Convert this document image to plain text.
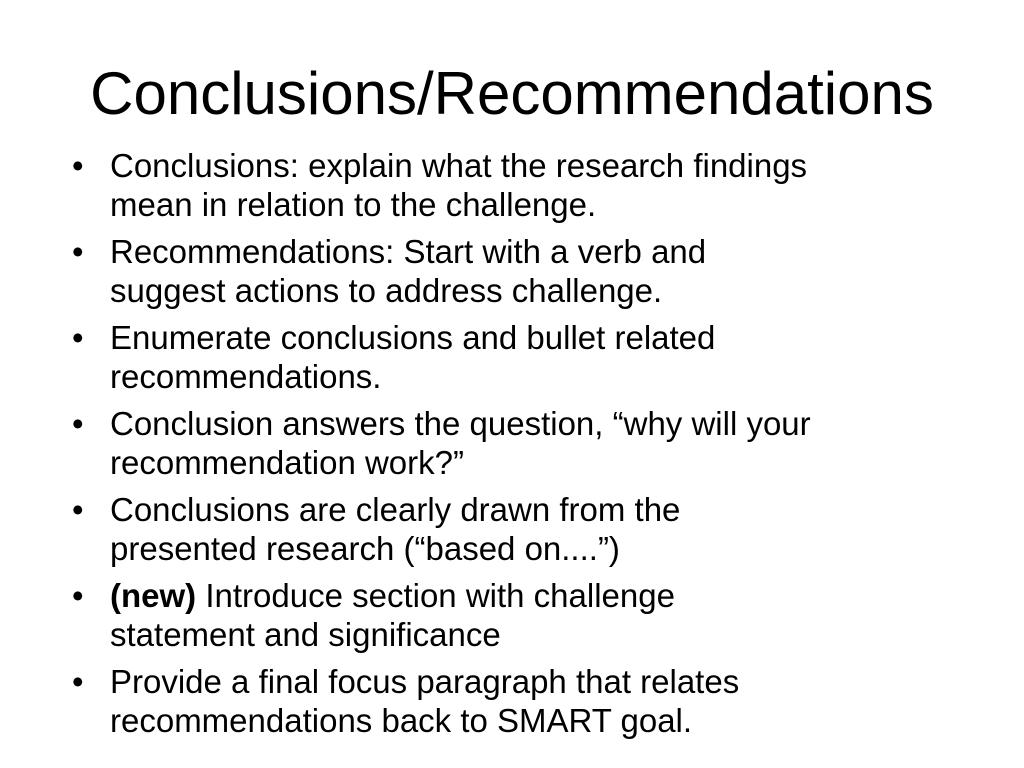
Conclusions/Recommendations
• Conclusions: explain what the research findings
mean in relation to the challenge.
• Recommendations: Start with a verb and
suggest actions to address challenge.
• Enumerate conclusions and bullet related
recommendations.
• Conclusion answers the question, “why will your
recommendation work?”
• Conclusions are clearly drawn from the
presented research (“based on....”)
• (new) Introduce section with challenge
statement and significance
• Provide a final focus paragraph that relates
recommendations back to SMART goal.
